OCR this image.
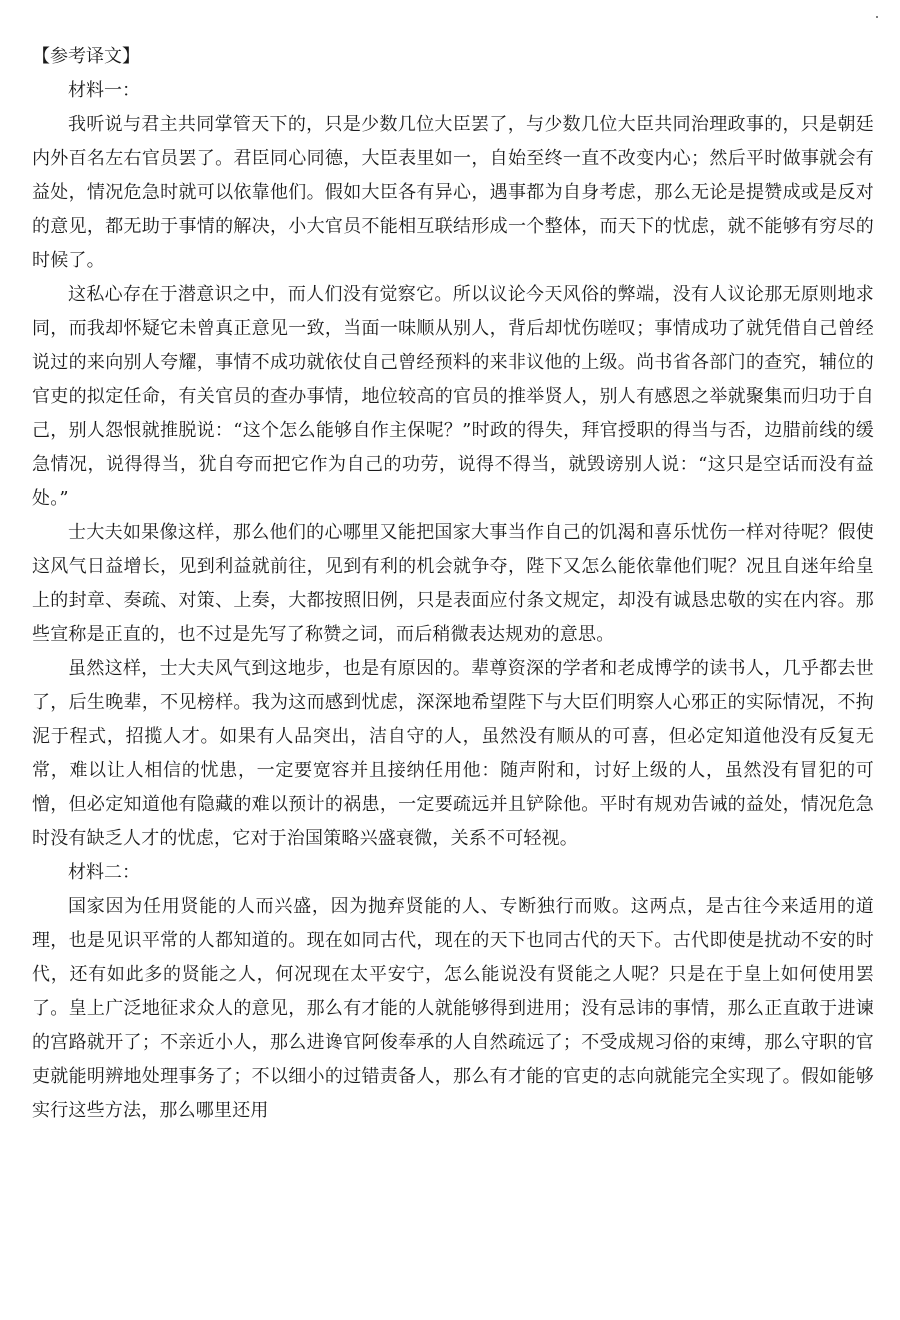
【参考译文】

材料一：

我听说与君主共同掌管天下的，只是少数几位大臣罢了，与少数几位大臣共同治理政事的，只是朝廷内外百名左右官员罢了。君臣同心同德，大臣表里如一，自始至终一直不改变内心；然后平时做事就会有益处，情况危急时就可以依靠他们。假如大臣各有异心，遇事都为自身考虑，那么无论是提赞成或是反对的意见，都无助于事情的解决，小大官员不能相互联结形成一个整体，而天下的忧虑，就不能够有穷尽的时候了。

这私心存在于潜意识之中，而人们没有觉察它。所以议论今天风俗的弊端，没有人议论那无原则地求同，而我却怀疑它未曾真正意见一致，当面一味顺从别人，背后却忧伤嗟叹；事情成功了就凭借自己曾经说过的来向别人夸耀，事情不成功就依仗自己曾经预料的来非议他的上级。尚书省各部门的查究，辅位的官吏的拟定任命，有关官员的查办事情，地位较高的官员的推举贤人，别人有感恩之举就聚集而归功于自己，别人怨恨就推脱说：“这个怎么能够自作主保呢？”时政的得失，拜官授职的得当与否，边腊前线的缓急情况，说得得当，犹自夸而把它作为自己的功劳，说得不得当，就毁谤别人说：“这只是空话而没有益处。”

士大夫如果像这样，那么他们的心哪里又能把国家大事当作自己的饥渴和喜乐忧伤一样对待呢？假使这风气日益增长，见到利益就前往，见到有利的机会就争夺，陛下又怎么能依靠他们呢？况且自迷年给皇上的封章、奏疏、对策、上奏，大都按照旧例，只是表面应付条文规定，却没有诚恳忠敬的实在内容。那些宣称是正直的，也不过是先写了称赞之词，而后稍微表达规劝的意思。

虽然这样，士大夫风气到这地步，也是有原因的。辈尊资深的学者和老成博学的读书人，几乎都去世了，后生晚辈，不见榜样。我为这而感到忧虑，深深地希望陛下与大臣们明察人心邪正的实际情况，不拘泥于程式，招揽人才。如果有人品突出，洁自守的人，虽然没有顺从的可喜，但必定知道他没有反复无常，难以让人相信的忧患，一定要宽容并且接纳任用他：随声附和，讨好上级的人，虽然没有冒犯的可憎，但必定知道他有隐藏的难以预计的祸患，一定要疏远并且铲除他。平时有规劝告诫的益处，情况危急时没有缺乏人才的忧虑，它对于治国策略兴盛衰微，关系不可轻视。

材料二：

国家因为任用贤能的人而兴盛，因为抛弃贤能的人、专断独行而败。这两点，是古往今来适用的道理，也是见识平常的人都知道的。现在如同古代，现在的天下也同古代的天下。古代即使是扰动不安的时代，还有如此多的贤能之人，何况现在太平安宁，怎么能说没有贤能之人呢？只是在于皇上如何使用罢了。皇上广泛地征求众人的意见，那么有才能的人就能够得到进用；没有忌讳的事情，那么正直敢于进谏的宫路就开了；不亲近小人，那么进谗官阿俊奉承的人自然疏远了；不受成规习俗的束缚，那么守职的官吏就能明辨地处理事务了；不以细小的过错责备人，那么有才能的官吏的志向就能完全实现了。假如能够实行这些方法，那么哪里还用
